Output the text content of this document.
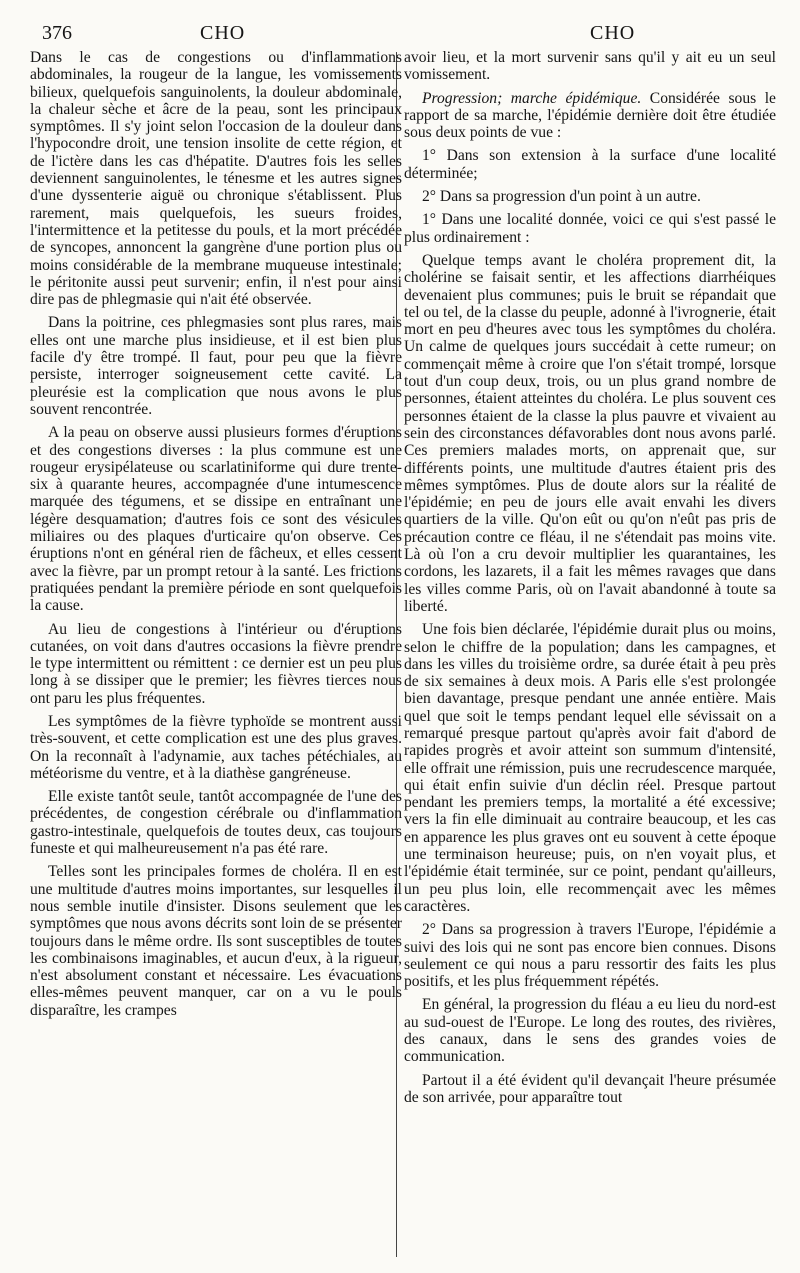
376	CHO	CHO

Dans le cas de congestions ou d'inflammations abdominales, la rougeur de la langue, les vomissements bilieux, quelquefois sanguinolents, la douleur abdominale, la chaleur sèche et âcre de la peau, sont les principaux symptômes. Il s'y joint selon l'occasion de la douleur dans l'hypocondre droit, une tension insolite de cette région, et de l'ictère dans les cas d'hépatite. D'autres fois les selles deviennent sanguinolentes, le ténesme et les autres signes d'une dyssenterie aiguë ou chronique s'établissent. Plus rarement, mais quelquefois, les sueurs froides, l'intermittence et la petitesse du pouls, et la mort précédée de syncopes, annoncent la gangrène d'une portion plus ou moins considérable de la membrane muqueuse intestinale; le péritonite aussi peut survenir; enfin, il n'est pour ainsi dire pas de phlegmasie qui n'ait été observée.

Dans la poitrine, ces phlegmasies sont plus rares, mais elles ont une marche plus insidieuse, et il est bien plus facile d'y être trompé. Il faut, pour peu que la fièvre persiste, interroger soigneusement cette cavité. La pleurésie est la complication que nous avons le plus souvent rencontrée.

A la peau on observe aussi plusieurs formes d'éruptions et des congestions diverses : la plus commune est une rougeur erysipélateuse ou scarlatiniforme qui dure trente-six à quarante heures, accompagnée d'une intumescence marquée des tégumens, et se dissipe en entraînant une légère desquamation; d'autres fois ce sont des vésicules miliaires ou des plaques d'urticaire qu'on observe. Ces éruptions n'ont en général rien de fâcheux, et elles cessent avec la fièvre, par un prompt retour à la santé. Les frictions pratiquées pendant la première période en sont quelquefois la cause.

Au lieu de congestions à l'intérieur ou d'éruptions cutanées, on voit dans d'autres occasions la fièvre prendre le type intermittent ou rémittent : ce dernier est un peu plus long à se dissiper que le premier; les fièvres tierces nous ont paru les plus fréquentes.

Les symptômes de la fièvre typhoïde se montrent aussi très-souvent, et cette complication est une des plus graves. On la reconnaît à l'adynamie, aux taches pétéchiales, au météorisme du ventre, et à la diathèse gangréneuse.

Elle existe tantôt seule, tantôt accompagnée de l'une des précédentes, de congestion cérébrale ou d'inflammation gastro-intestinale, quelquefois de toutes deux, cas toujours funeste et qui malheureusement n'a pas été rare.

Telles sont les principales formes de choléra. Il en est une multitude d'autres moins importantes, sur lesquelles il nous semble inutile d'insister. Disons seulement que les symptômes que nous avons décrits sont loin de se présenter toujours dans le même ordre. Ils sont susceptibles de toutes les combinaisons imaginables, et aucun d'eux, à la rigueur, n'est absolument constant et nécessaire. Les évacuations elles-mêmes peuvent manquer, car on a vu le pouls disparaître, les crampes

avoir lieu, et la mort survenir sans qu'il y ait eu un seul vomissement.

Progression; marche épidémique. Considérée sous le rapport de sa marche, l'épidémie dernière doit être étudiée sous deux points de vue :

1° Dans son extension à la surface d'une localité déterminée;

2° Dans sa progression d'un point à un autre.

1° Dans une localité donnée, voici ce qui s'est passé le plus ordinairement :

Quelque temps avant le choléra proprement dit, la cholérine se faisait sentir, et les affections diarrhéiques devenaient plus communes; puis le bruit se répandait que tel ou tel, de la classe du peuple, adonné à l'ivrognerie, était mort en peu d'heures avec tous les symptômes du choléra. Un calme de quelques jours succédait à cette rumeur; on commençait même à croire que l'on s'était trompé, lorsque tout d'un coup deux, trois, ou un plus grand nombre de personnes, étaient atteintes du choléra. Le plus souvent ces personnes étaient de la classe la plus pauvre et vivaient au sein des circonstances défavorables dont nous avons parlé. Ces premiers malades morts, on apprenait que, sur différents points, une multitude d'autres étaient pris des mêmes symptômes. Plus de doute alors sur la réalité de l'épidémie; en peu de jours elle avait envahi les divers quartiers de la ville. Qu'on eût ou qu'on n'eût pas pris de précaution contre ce fléau, il ne s'étendait pas moins vite. Là où l'on a cru devoir multiplier les quarantaines, les cordons, les lazarets, il a fait les mêmes ravages que dans les villes comme Paris, où on l'avait abandonné à toute sa liberté.

Une fois bien déclarée, l'épidémie durait plus ou moins, selon le chiffre de la population; dans les campagnes, et dans les villes du troisième ordre, sa durée était à peu près de six semaines à deux mois. A Paris elle s'est prolongée bien davantage, presque pendant une année entière. Mais quel que soit le temps pendant lequel elle sévissait on a remarqué presque partout qu'après avoir fait d'abord de rapides progrès et avoir atteint son summum d'intensité, elle offrait une rémission, puis une recrudescence marquée, qui était enfin suivie d'un déclin réel. Presque partout pendant les premiers temps, la mortalité a été excessive; vers la fin elle diminuait au contraire beaucoup, et les cas en apparence les plus graves ont eu souvent à cette époque une terminaison heureuse; puis, on n'en voyait plus, et l'épidémie était terminée, sur ce point, pendant qu'ailleurs, un peu plus loin, elle recommençait avec les mêmes caractères.

2° Dans sa progression à travers l'Europe, l'épidémie a suivi des lois qui ne sont pas encore bien connues. Disons seulement ce qui nous a paru ressortir des faits les plus positifs, et les plus fréquemment répétés.

En général, la progression du fléau a eu lieu du nord-est au sud-ouest de l'Europe. Le long des routes, des rivières, des canaux, dans le sens des grandes voies de communication.

Partout il a été évident qu'il devançait l'heure présumée de son arrivée, pour apparaître tout
